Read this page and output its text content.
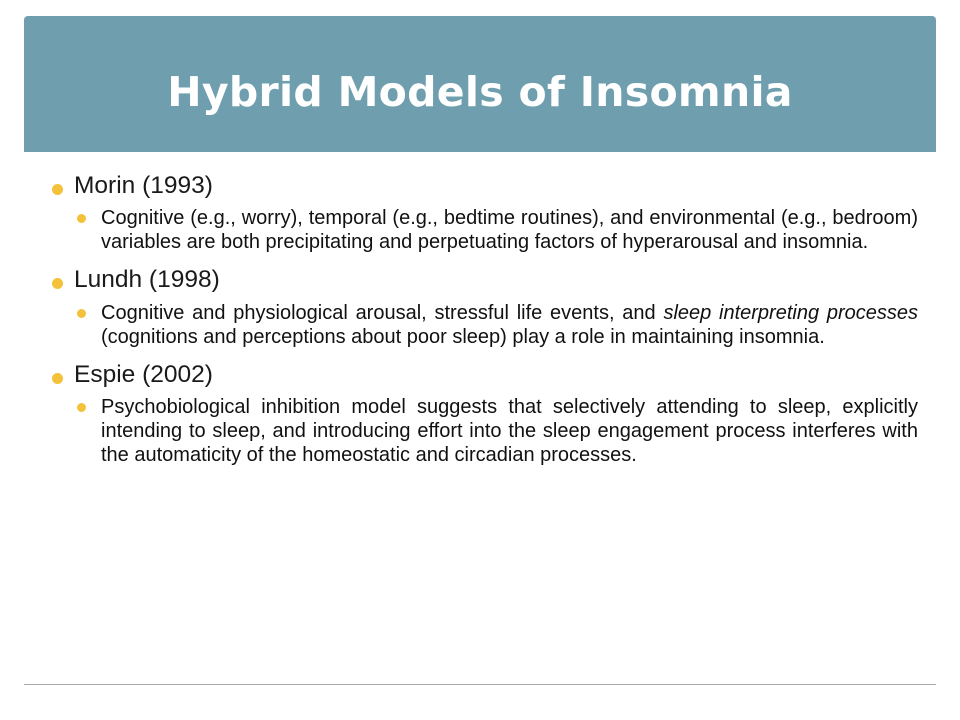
Hybrid Models of Insomnia
Morin (1993)
Cognitive (e.g., worry), temporal (e.g., bedtime routines), and environmental (e.g., bedroom) variables are both precipitating and perpetuating factors of hyperarousal and insomnia.
Lundh (1998)
Cognitive and physiological arousal, stressful life events, and sleep interpreting processes (cognitions and perceptions about poor sleep) play a role in maintaining insomnia.
Espie (2002)
Psychobiological inhibition model suggests that selectively attending to sleep, explicitly intending to sleep, and introducing effort into the sleep engagement process interferes with the automaticity of the homeostatic and circadian processes.
